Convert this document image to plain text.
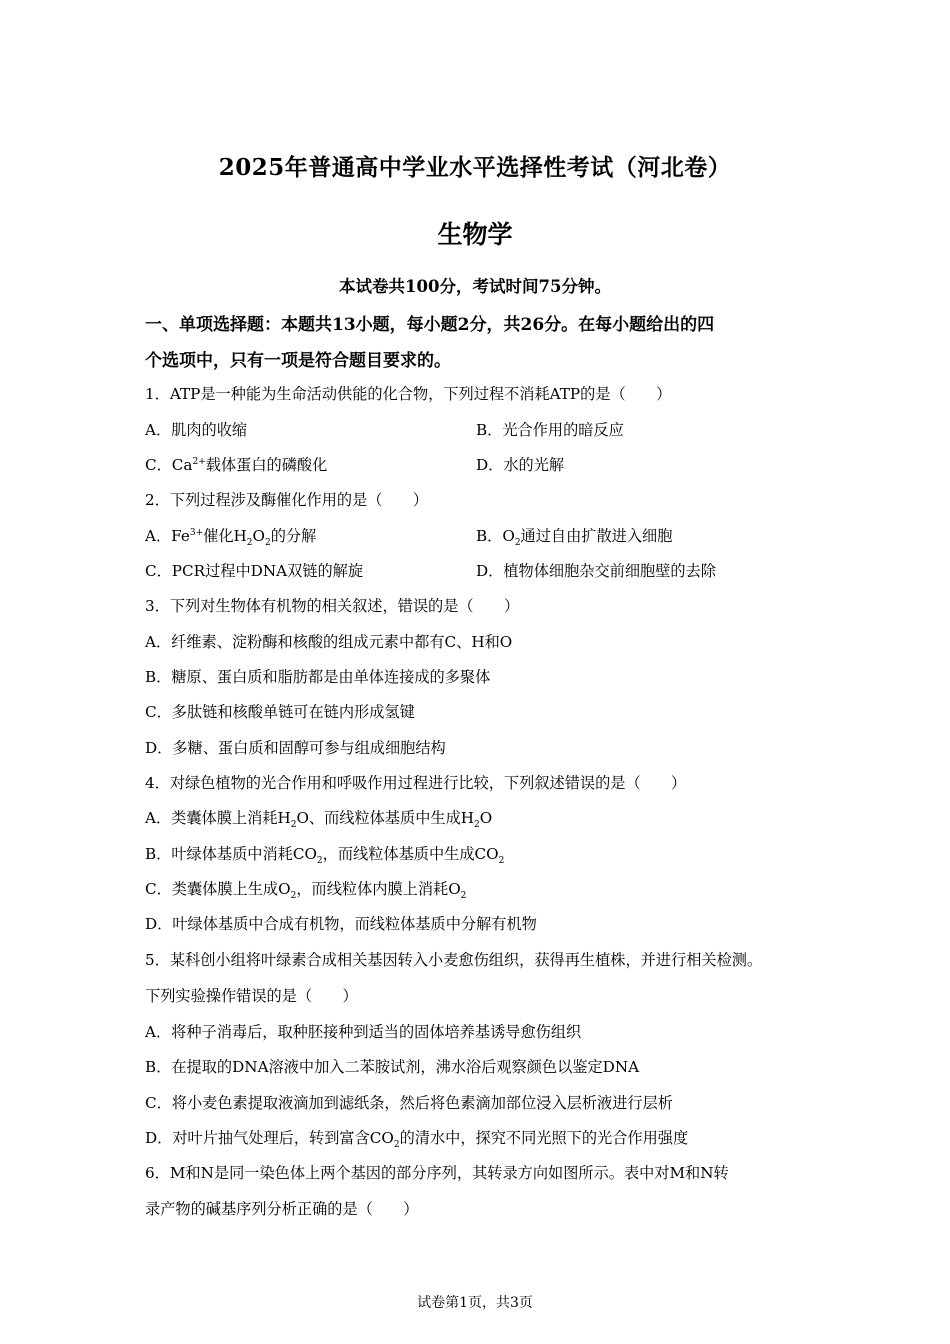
2025年普通高中学业水平选择性考试（河北卷）
生物学
本试卷共100分，考试时间75分钟。
一、单项选择题：本题共13小题，每小题2分，共26分。在每小题给出的四
个选项中，只有一项是符合题目要求的。
1．ATP是一种能为生命活动供能的化合物，下列过程不消耗ATP的是（　　）
A．肌肉的收缩	B．光合作用的暗反应
C．$Ca^{2+}$载体蛋白的磷酸化	D．水的光解
2．下列过程涉及酶催化作用的是（　　）
A．$Fe^{3+}$催化$H_2O_2$的分解	B．$O_2$通过自由扩散进入细胞
C．PCR过程中DNA双链的解旋	D．植物体细胞杂交前细胞壁的去除
3．下列对生物体有机物的相关叙述，错误的是（　　）
A．纤维素、淀粉酶和核酸的组成元素中都有C、H和O
B．糖原、蛋白质和脂肪都是由单体连接成的多聚体
C．多肽链和核酸单链可在链内形成氢键
D．多糖、蛋白质和固醇可参与组成细胞结构
4．对绿色植物的光合作用和呼吸作用过程进行比较，下列叙述错误的是（　　）
A．类囊体膜上消耗$H_2O$、而线粒体基质中生成$H_2O$
B．叶绿体基质中消耗$CO_2$，而线粒体基质中生成$CO_2$
C．类囊体膜上生成$O_2$，而线粒体内膜上消耗$O_2$
D．叶绿体基质中合成有机物，而线粒体基质中分解有机物
5．某科创小组将叶绿素合成相关基因转入小麦愈伤组织，获得再生植株，并进行相关检测。
下列实验操作错误的是（　　）
A．将种子消毒后，取种胚接种到适当的固体培养基诱导愈伤组织
B．在提取的DNA溶液中加入二苯胺试剂，沸水浴后观察颜色以鉴定DNA
C．将小麦色素提取液滴加到滤纸条，然后将色素滴加部位浸入层析液进行层析
D．对叶片抽气处理后，转到富含$CO_2$的清水中，探究不同光照下的光合作用强度
6．M和N是同一染色体上两个基因的部分序列，其转录方向如图所示。表中对M和N转
录产物的碱基序列分析正确的是（　　）
试卷第1页，共3页
